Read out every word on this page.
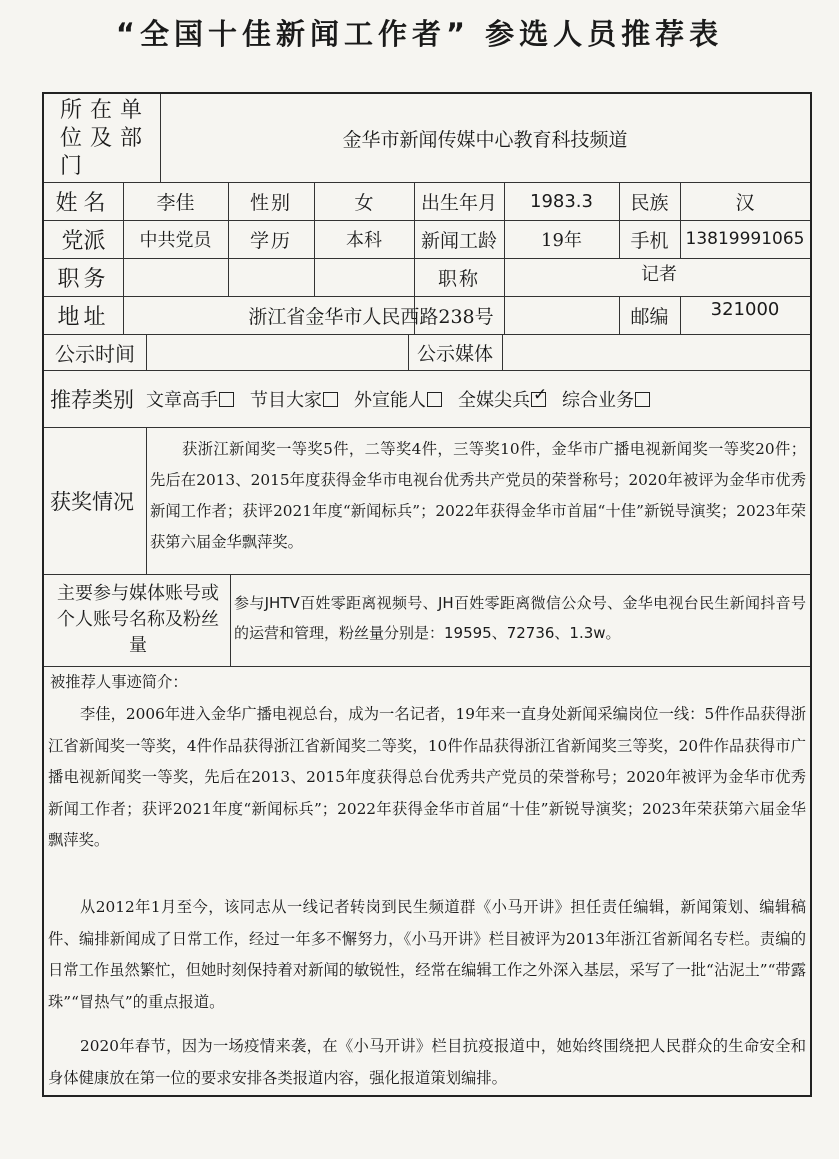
“全国十佳新闻工作者” 参选人员推荐表
所在单位及部门
金华市新闻传媒中心教育科技频道
姓名	李佳	性别	女	出生年月	1983.3	民族	汉
党派	中共党员	学历	本科	新闻工龄	19年	手机	13819991065
职务	职称	记者
地址	浙江省金华市人民西路238号	邮编	321000
公示时间	公示媒体
推荐类别 文章高手	节目大家	外宣能人	全媒尖兵✓	综合业务
获奖情况
获浙江新闻奖一等奖5件，二等奖4件，三等奖10件，金华市广播电视新闻奖一等奖20件；先后在2013、2015年度获得金华市电视台优秀共产党员的荣誉称号；2020年被评为金华市优秀新闻工作者；获评2021年度“新闻标兵”；2022年获得金华市首届“十佳”新锐导演奖；2023年荣获第六届金华飘萍奖。
主要参与媒体账号或个人账号名称及粉丝量
参与JHTV百姓零距离视频号、JH百姓零距离微信公众号、金华电视台民生新闻抖音号的运营和管理，粉丝量分别是：19595、72736、1.3w。
被推荐人事迹简介：
李佳，2006年进入金华广播电视总台，成为一名记者，19年来一直身处新闻采编岗位一线：5件作品获得浙江省新闻奖一等奖，4件作品获得浙江省新闻奖二等奖，10件作品获得浙江省新闻奖三等奖，20件作品获得市广播电视新闻奖一等奖，先后在2013、2015年度获得总台优秀共产党员的荣誉称号；2020年被评为金华市优秀新闻工作者；获评2021年度“新闻标兵”；2022年获得金华市首届“十佳”新锐导演奖；2023年荣获第六届金华飘萍奖。
从2012年1月至今，该同志从一线记者转岗到民生频道群《小马开讲》担任责任编辑，新闻策划、编辑稿件、编排新闻成了日常工作，经过一年多不懈努力，《小马开讲》栏目被评为2013年浙江省新闻名专栏。责编的日常工作虽然繁忙，但她时刻保持着对新闻的敏锐性，经常在编辑工作之外深入基层，采写了一批“沾泥土”“带露珠”“冒热气”的重点报道。
2020年春节，因为一场疫情来袭，在《小马开讲》栏目抗疫报道中，她始终围绕把人民群众的生命安全和身体健康放在第一位的要求安排各类报道内容，强化报道策划编排。
